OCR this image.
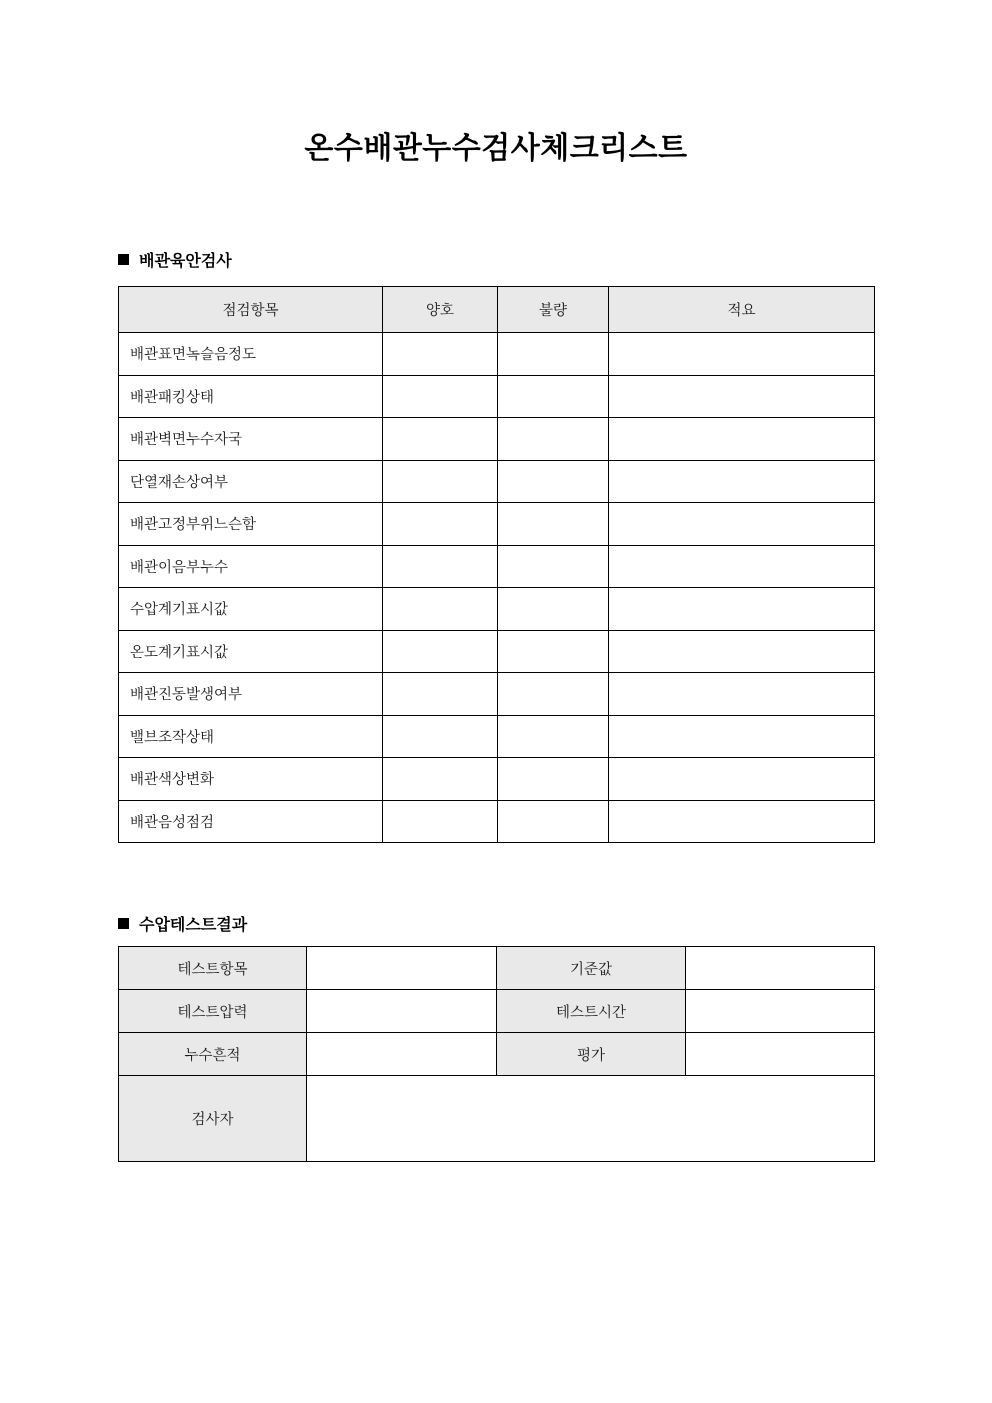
온수배관누수검사체크리스트
배관육안검사
점검항목	양호	불량	적요
배관표면녹슬음정도			
배관패킹상태			
배관벽면누수자국			
단열재손상여부			
배관고정부위느슨함			
배관이음부누수			
수압계기표시값			
온도계기표시값			
배관진동발생여부			
밸브조작상태			
배관색상변화			
배관음성점검			
수압테스트결과
테스트항목		기준값	
테스트압력		테스트시간	
누수흔적		평가	
검사자			
